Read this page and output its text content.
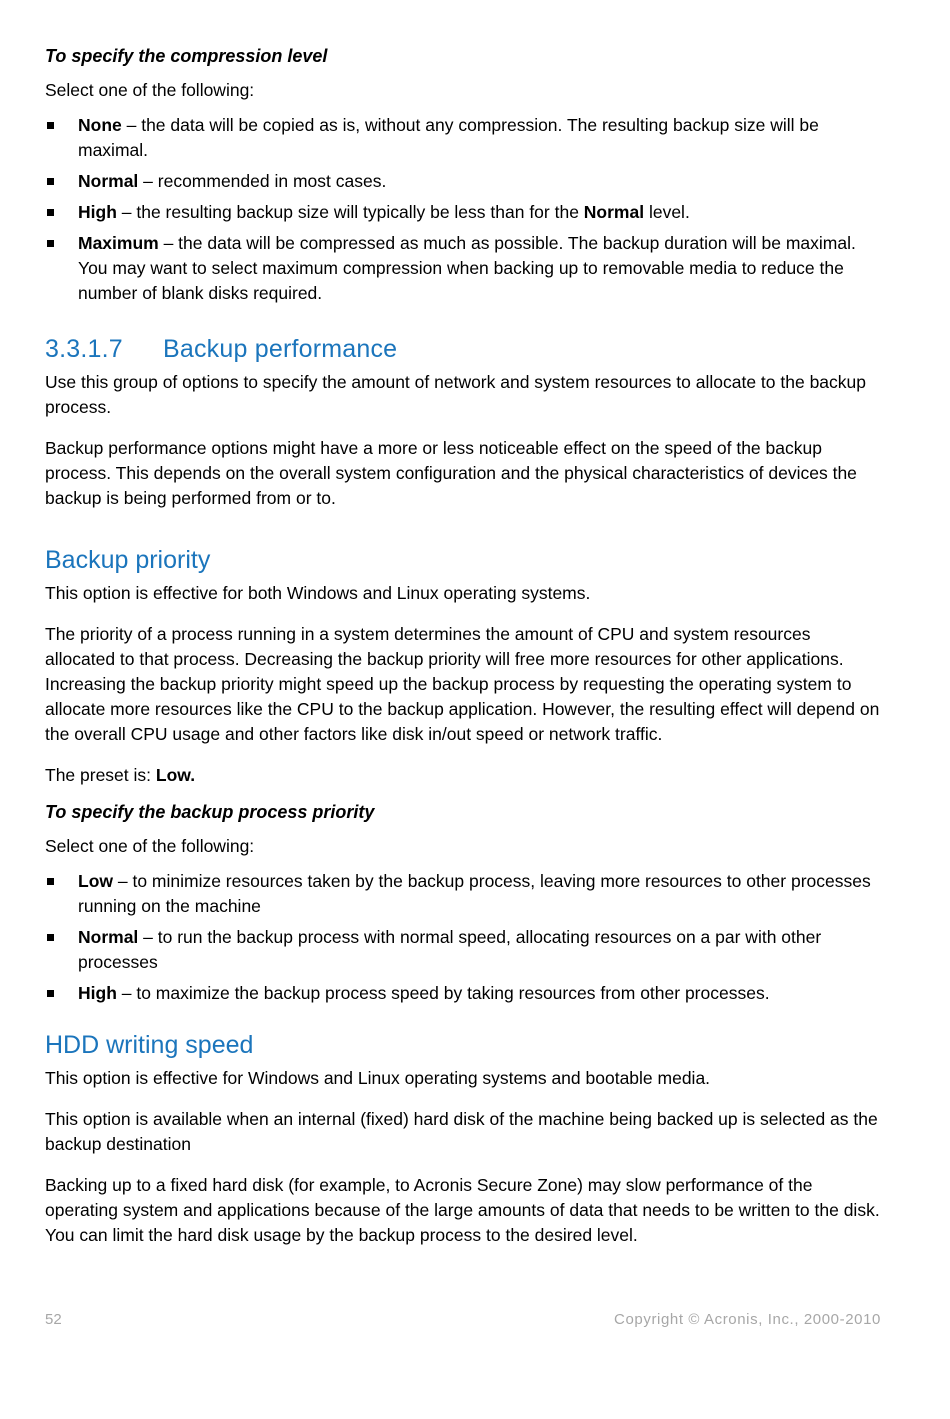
To specify the compression level

Select one of the following:

None – the data will be copied as is, without any compression. The resulting backup size will be maximal.
Normal – recommended in most cases.
High – the resulting backup size will typically be less than for the Normal level.
Maximum – the data will be compressed as much as possible. The backup duration will be maximal. You may want to select maximum compression when backing up to removable media to reduce the number of blank disks required.
3.3.1.7 Backup performance

Use this group of options to specify the amount of network and system resources to allocate to the backup process.

Backup performance options might have a more or less noticeable effect on the speed of the backup process. This depends on the overall system configuration and the physical characteristics of devices the backup is being performed from or to.

Backup priority

This option is effective for both Windows and Linux operating systems.

The priority of a process running in a system determines the amount of CPU and system resources allocated to that process. Decreasing the backup priority will free more resources for other applications. Increasing the backup priority might speed up the backup process by requesting the operating system to allocate more resources like the CPU to the backup application. However, the resulting effect will depend on the overall CPU usage and other factors like disk in/out speed or network traffic.

The preset is: Low.

To specify the backup process priority

Select one of the following:

Low – to minimize resources taken by the backup process, leaving more resources to other processes running on the machine
Normal – to run the backup process with normal speed, allocating resources on a par with other processes
High – to maximize the backup process speed by taking resources from other processes.
HDD writing speed

This option is effective for Windows and Linux operating systems and bootable media.

This option is available when an internal (fixed) hard disk of the machine being backed up is selected as the backup destination

Backing up to a fixed hard disk (for example, to Acronis Secure Zone) may slow performance of the operating system and applications because of the large amounts of data that needs to be written to the disk. You can limit the hard disk usage by the backup process to the desired level.

52	Copyright © Acronis, Inc., 2000-2010
